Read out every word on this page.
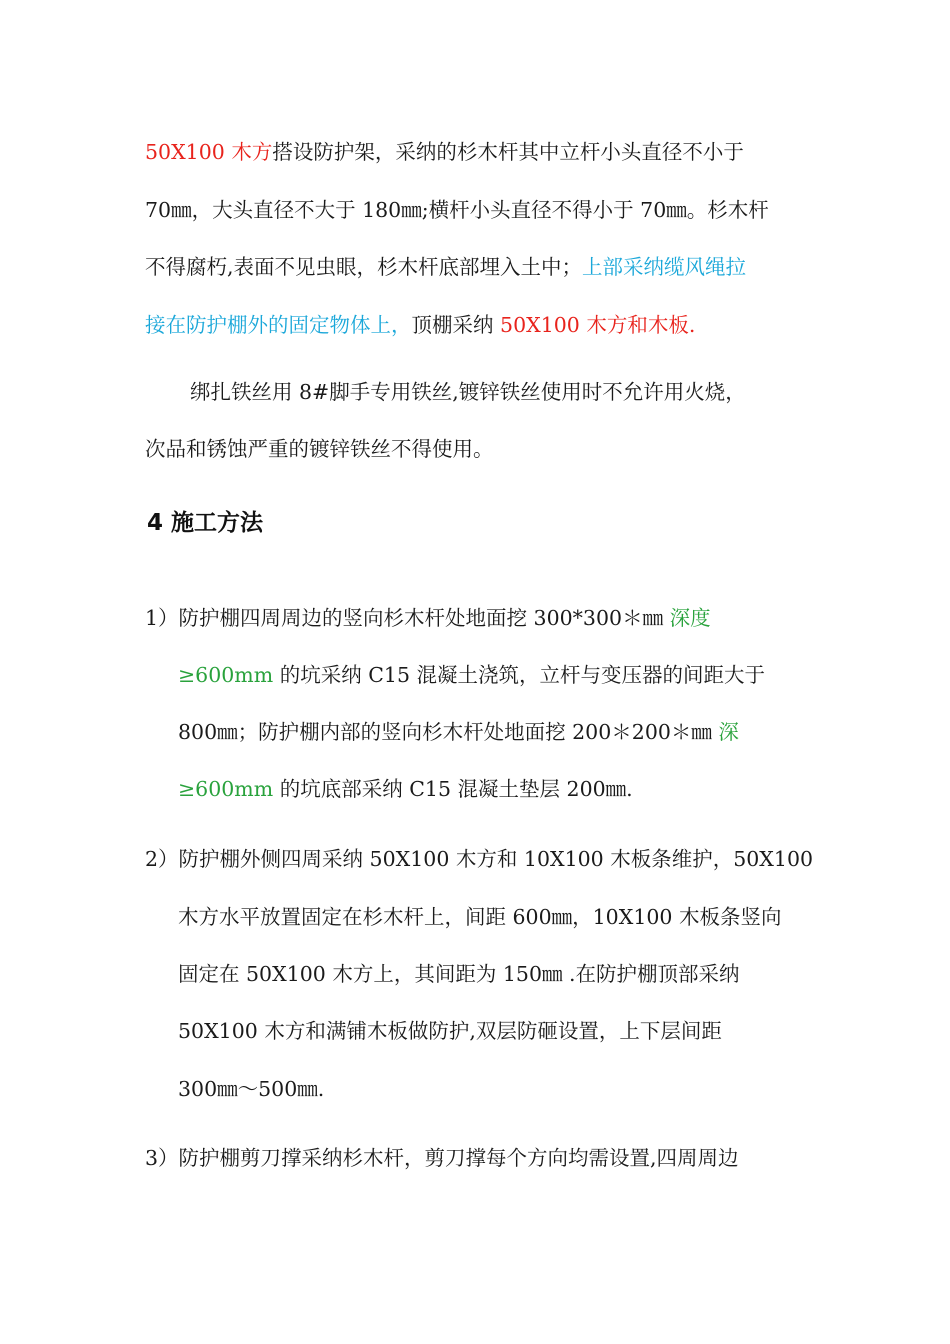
50X100 木方搭设防护架，采纳的杉木杆其中立杆小头直径不小于
70㎜，大头直径不大于 180㎜;横杆小头直径不得小于 70㎜。杉木杆
不得腐朽,表面不见虫眼，杉木杆底部埋入土中；上部采纳缆风绳拉
接在防护棚外的固定物体上，顶棚采纳 50X100 木方和木板.
绑扎铁丝用 8#脚手专用铁丝,镀锌铁丝使用时不允许用火烧，
次品和锈蚀严重的镀锌铁丝不得使用。
4 施工方法
1）防护棚四周周边的竖向杉木杆处地面挖 300*300＊㎜ 深度
≥600mm 的坑采纳 C15 混凝土浇筑，立杆与变压器的间距大于
800㎜；防护棚内部的竖向杉木杆处地面挖 200＊200＊㎜ 深
≥600mm 的坑底部采纳 C15 混凝土垫层 200㎜.
2）防护棚外侧四周采纳 50X100 木方和 10X100 木板条维护，50X100
木方水平放置固定在杉木杆上，间距 600㎜，10X100 木板条竖向
固定在 50X100 木方上，其间距为 150㎜ .在防护棚顶部采纳
50X100 木方和满铺木板做防护,双层防砸设置，上下层间距
300㎜～500㎜.
3）防护棚剪刀撑采纳杉木杆，剪刀撑每个方向均需设置,四周周边
